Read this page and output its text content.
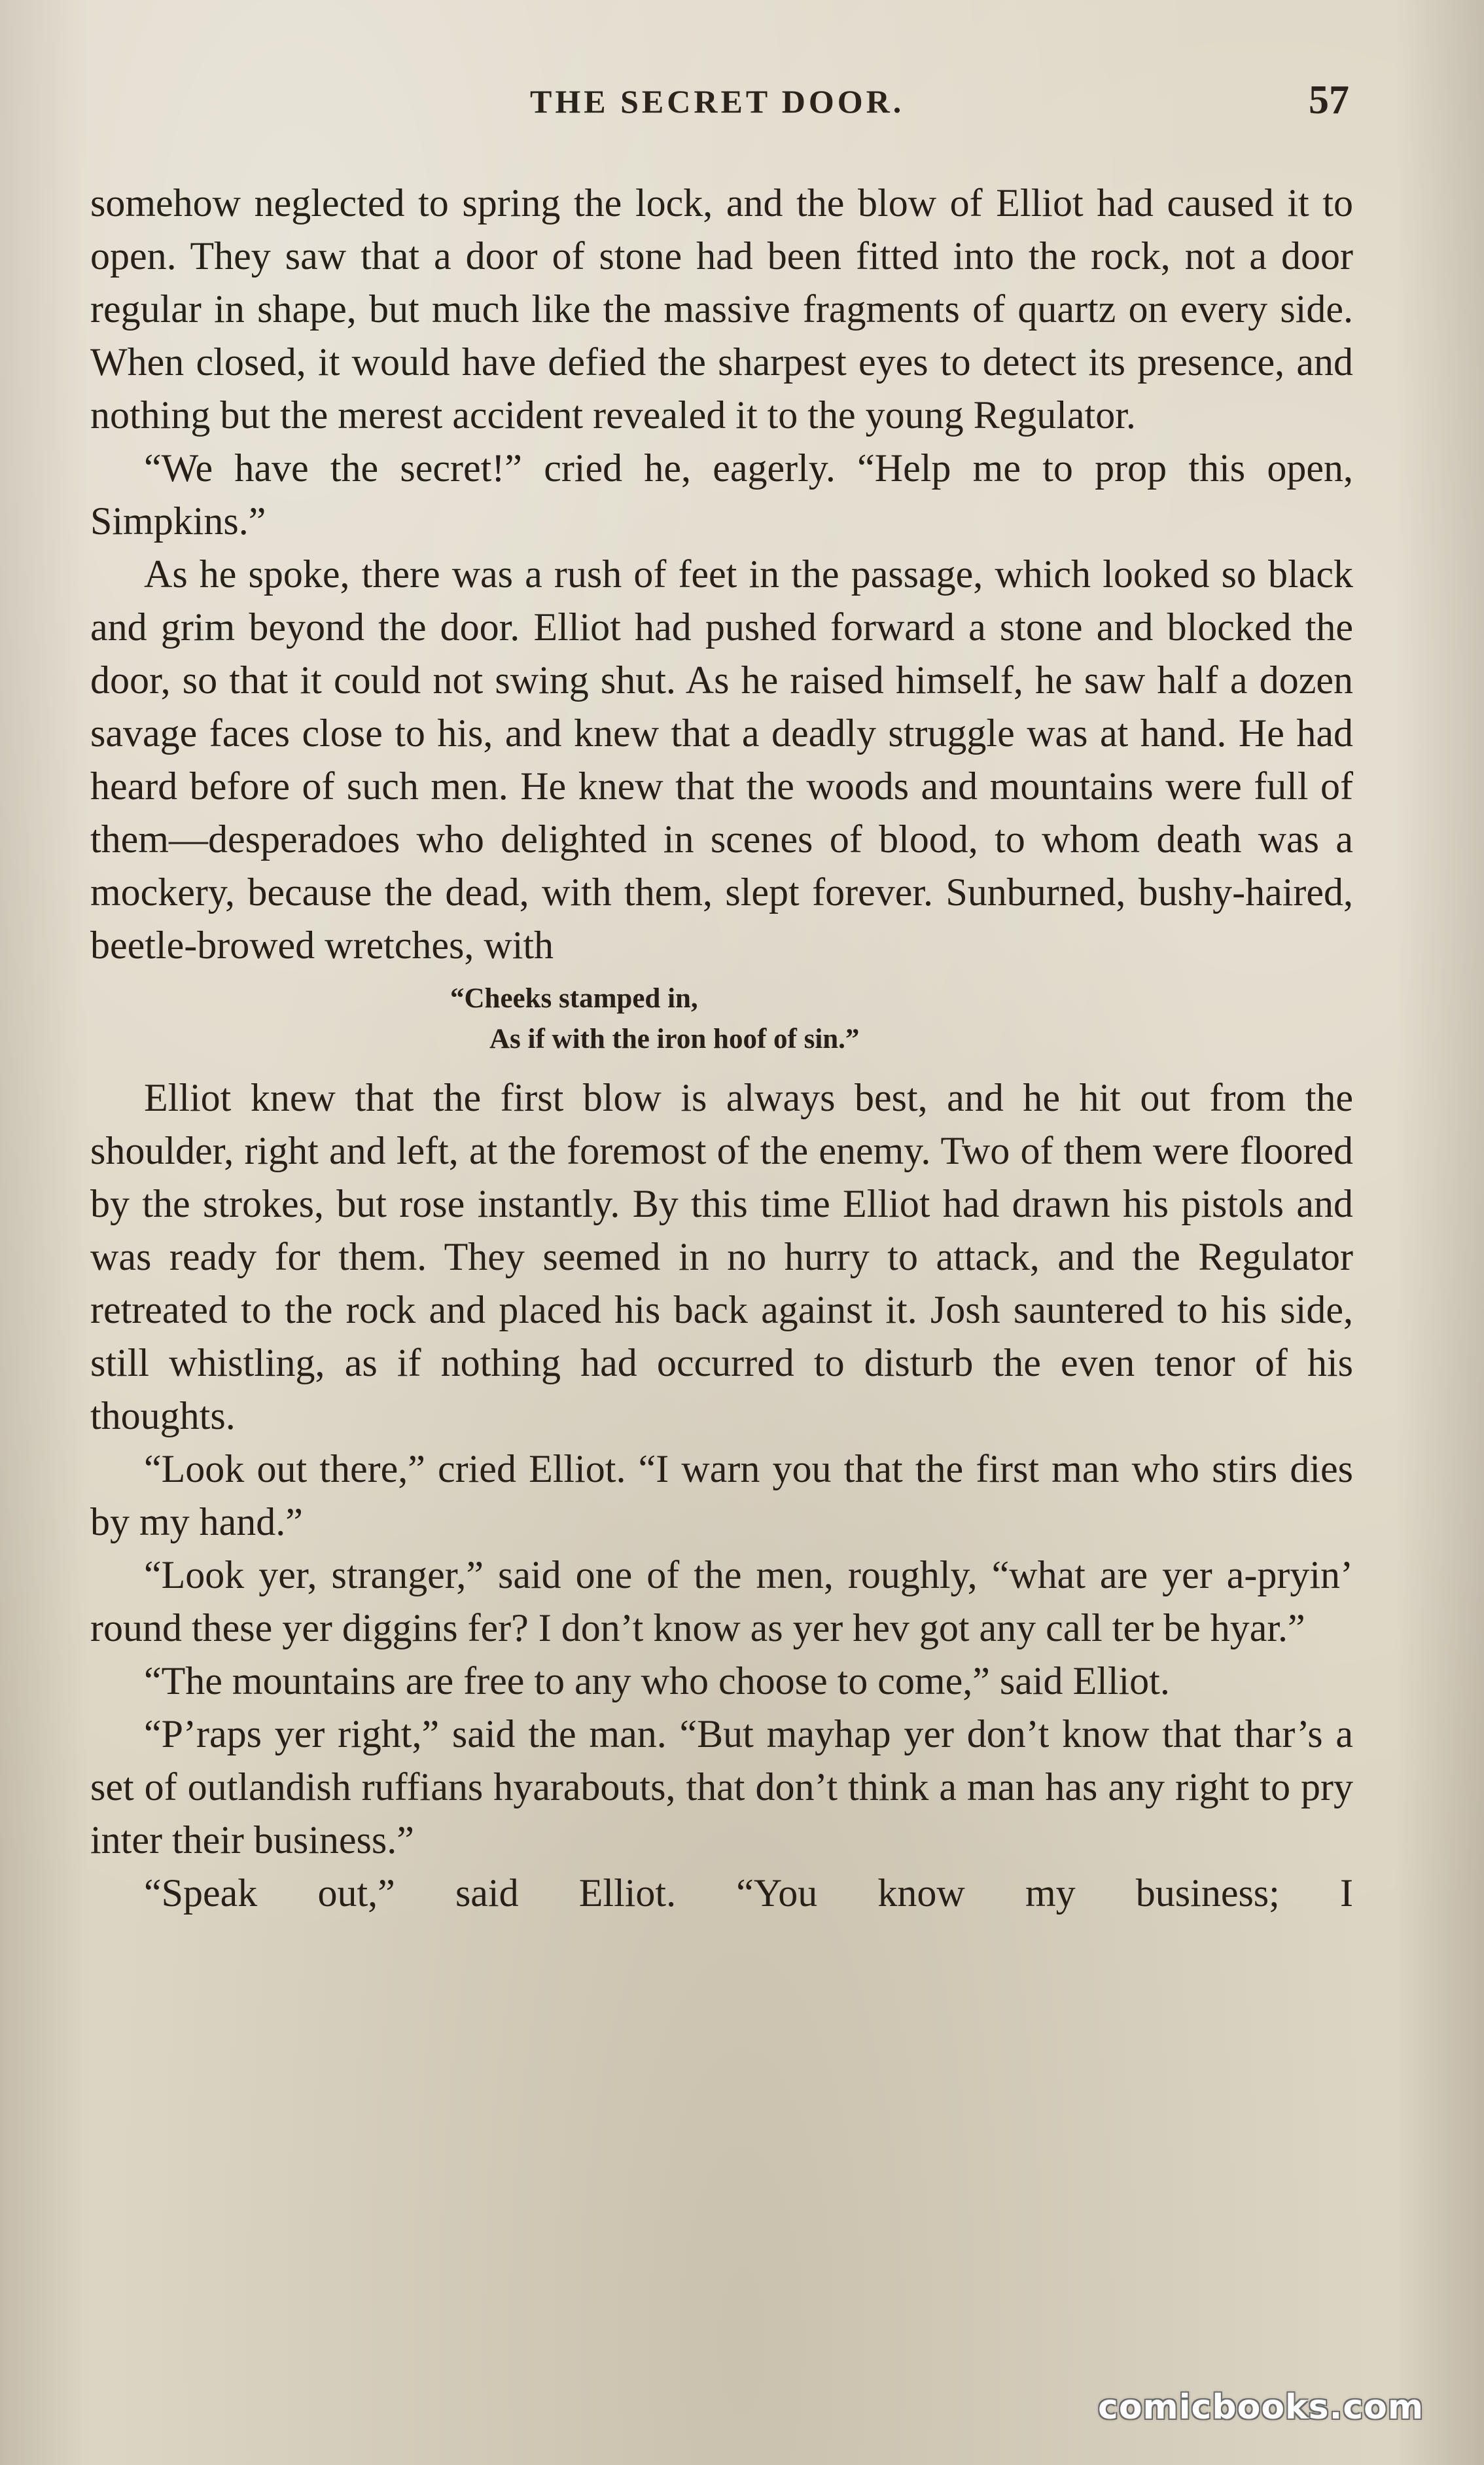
THE SECRET DOOR.	57

somehow neglected to spring the lock, and the blow of Elliot had caused it to open. They saw that a door of stone had been fitted into the rock, not a door regular in shape, but much like the massive fragments of quartz on every side. When closed, it would have defied the sharpest eyes to detect its presence, and nothing but the merest accident revealed it to the young Regulator.

“We have the secret!” cried he, eagerly. “Help me to prop this open, Simpkins.”

As he spoke, there was a rush of feet in the passage, which looked so black and grim beyond the door. Elliot had pushed forward a stone and blocked the door, so that it could not swing shut. As he raised himself, he saw half a dozen savage faces close to his, and knew that a deadly struggle was at hand. He had heard before of such men. He knew that the woods and mountains were full of them—desperadoes who delighted in scenes of blood, to whom death was a mockery, because the dead, with them, slept forever. Sunburned, bushy-haired, beetle-browed wretches, with

“Cheeks stamped in,
As if with the iron hoof of sin.”

Elliot knew that the first blow is always best, and he hit out from the shoulder, right and left, at the foremost of the enemy. Two of them were floored by the strokes, but rose instantly. By this time Elliot had drawn his pistols and was ready for them. They seemed in no hurry to attack, and the Regulator retreated to the rock and placed his back against it. Josh sauntered to his side, still whistling, as if nothing had occurred to disturb the even tenor of his thoughts.

“Look out there,” cried Elliot. “I warn you that the first man who stirs dies by my hand.”

“Look yer, stranger,” said one of the men, roughly, “what are yer a-pryin’ round these yer diggins fer? I don’t know as yer hev got any call ter be hyar.”

“The mountains are free to any who choose to come,” said Elliot.

“P’raps yer right,” said the man. “But mayhap yer don’t know that thar’s a set of outlandish ruffians hyarabouts, that don’t think a man has any right to pry inter their business.”

“Speak out,” said Elliot. “You know my business; I

comicbooks.com
